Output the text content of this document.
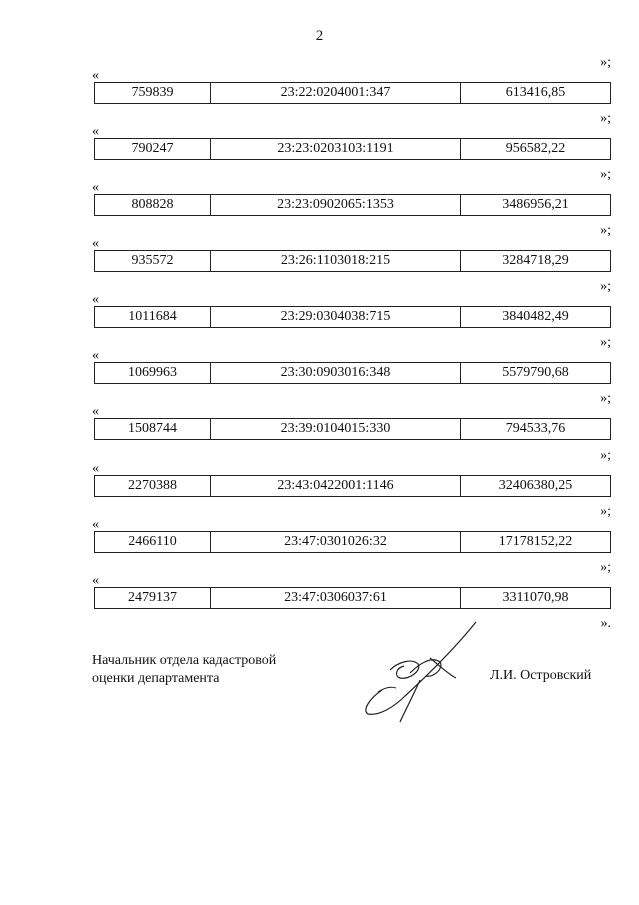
2
»;
«
759839	23:22:0204001:347	613416,85
»;
«
790247	23:23:0203103:1191	956582,22
»;
«
808828	23:23:0902065:1353	3486956,21
»;
«
935572	23:26:1103018:215	3284718,29
»;
«
1011684	23:29:0304038:715	3840482,49
»;
«
1069963	23:30:0903016:348	5579790,68
»;
«
1508744	23:39:0104015:330	794533,76
»;
«
2270388	23:43:0422001:1146	32406380,25
»;
«
2466110	23:47:0301026:32	17178152,22
»;
«
2479137	23:47:0306037:61	3311070,98
».
Начальник отдела кадастровой
оценки департамента	Л.И. Островский
